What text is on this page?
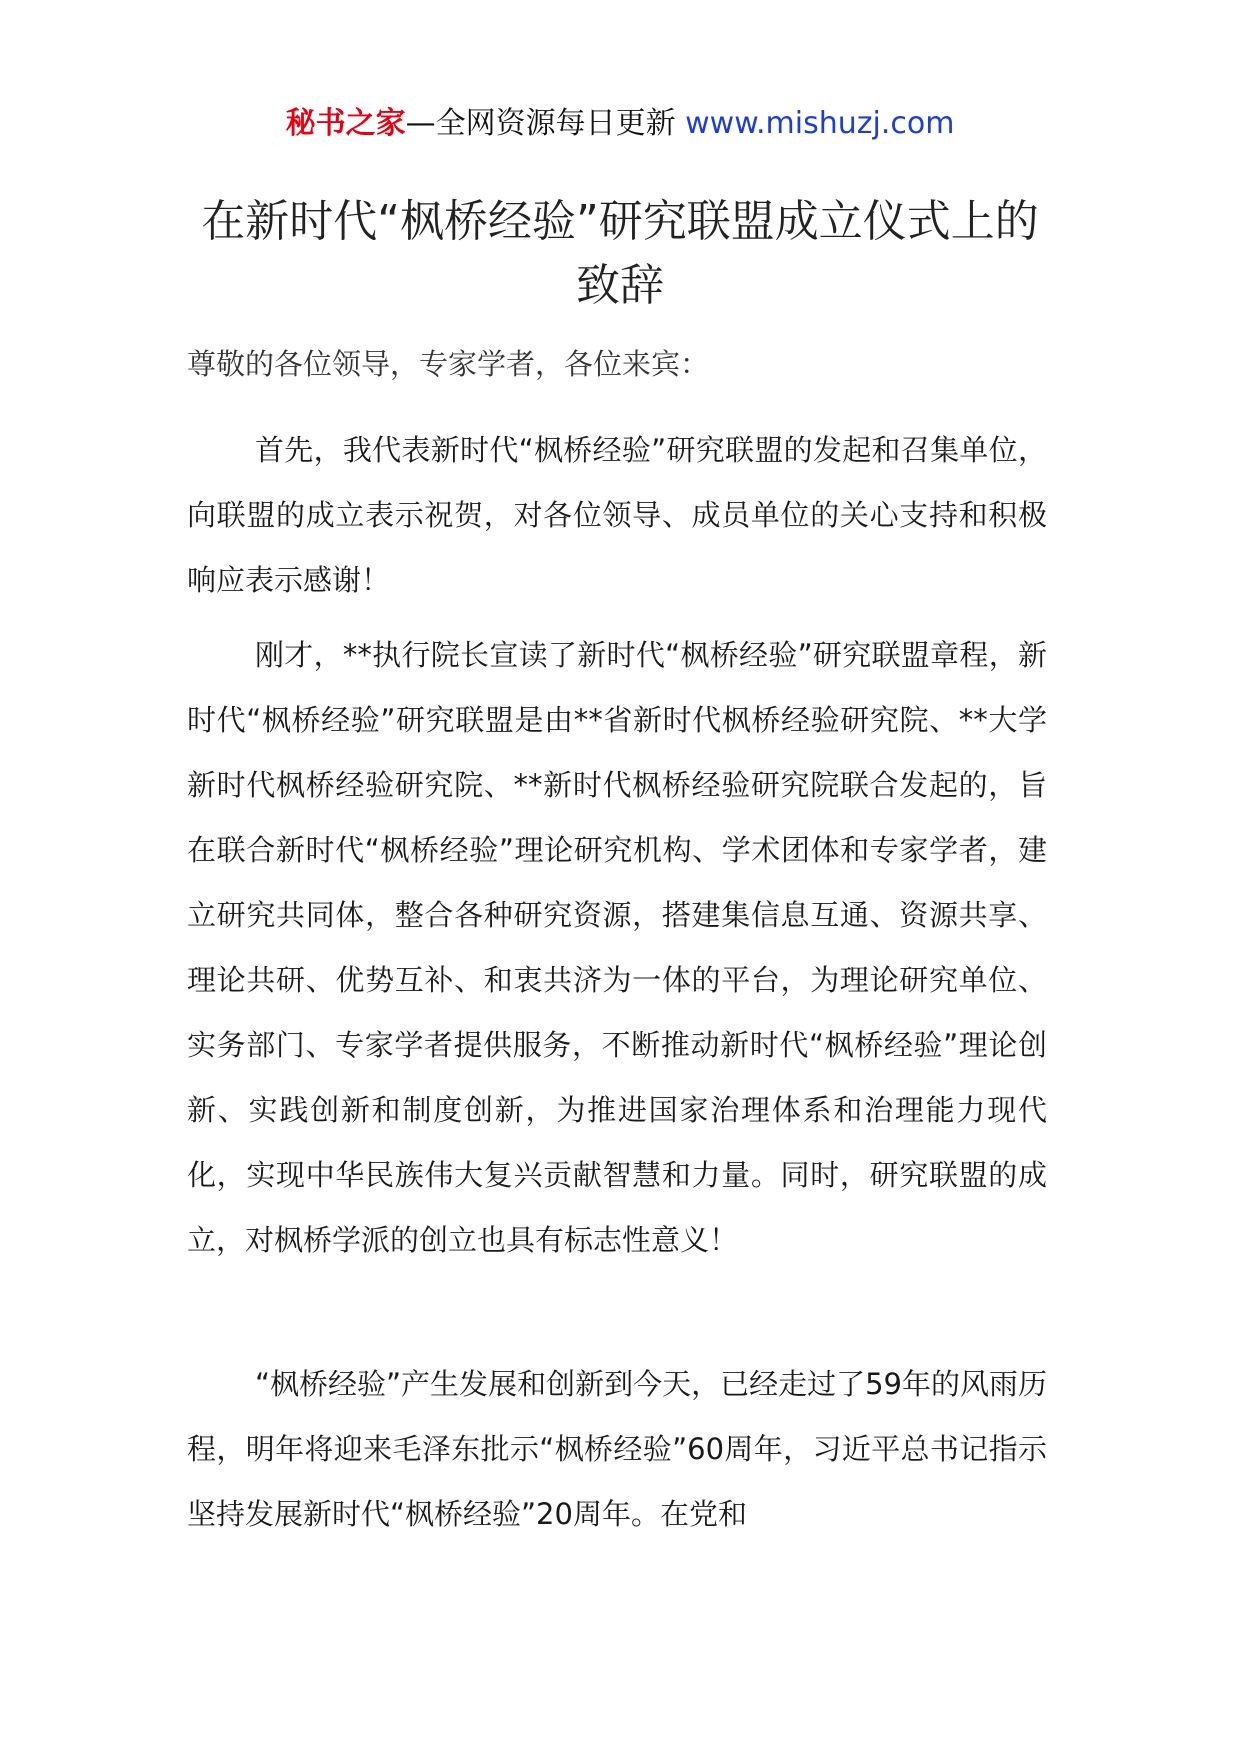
秘书之家—全网资源每日更新 www.mishuzj.com
在新时代“枫桥经验”研究联盟成立仪式上的致辞

尊敬的各位领导，专家学者，各位来宾：

首先，我代表新时代“枫桥经验”研究联盟的发起和召集单位，向联盟的成立表示祝贺，对各位领导、成员单位的关心支持和积极响应表示感谢！

刚才，**执行院长宣读了新时代“枫桥经验”研究联盟章程，新时代“枫桥经验”研究联盟是由**省新时代枫桥经验研究院、**大学新时代枫桥经验研究院、**新时代枫桥经验研究院联合发起的，旨在联合新时代“枫桥经验”理论研究机构、学术团体和专家学者，建立研究共同体，整合各种研究资源，搭建集信息互通、资源共享、理论共研、优势互补、和衷共济为一体的平台，为理论研究单位、实务部门、专家学者提供服务，不断推动新时代“枫桥经验”理论创新、实践创新和制度创新，为推进国家治理体系和治理能力现代化，实现中华民族伟大复兴贡献智慧和力量。同时，研究联盟的成立，对枫桥学派的创立也具有标志性意义！

“枫桥经验”产生发展和创新到今天，已经走过了59年的风雨历程，明年将迎来毛泽东批示“枫桥经验”60周年，习近平总书记指示坚持发展新时代“枫桥经验”20周年。在党和
